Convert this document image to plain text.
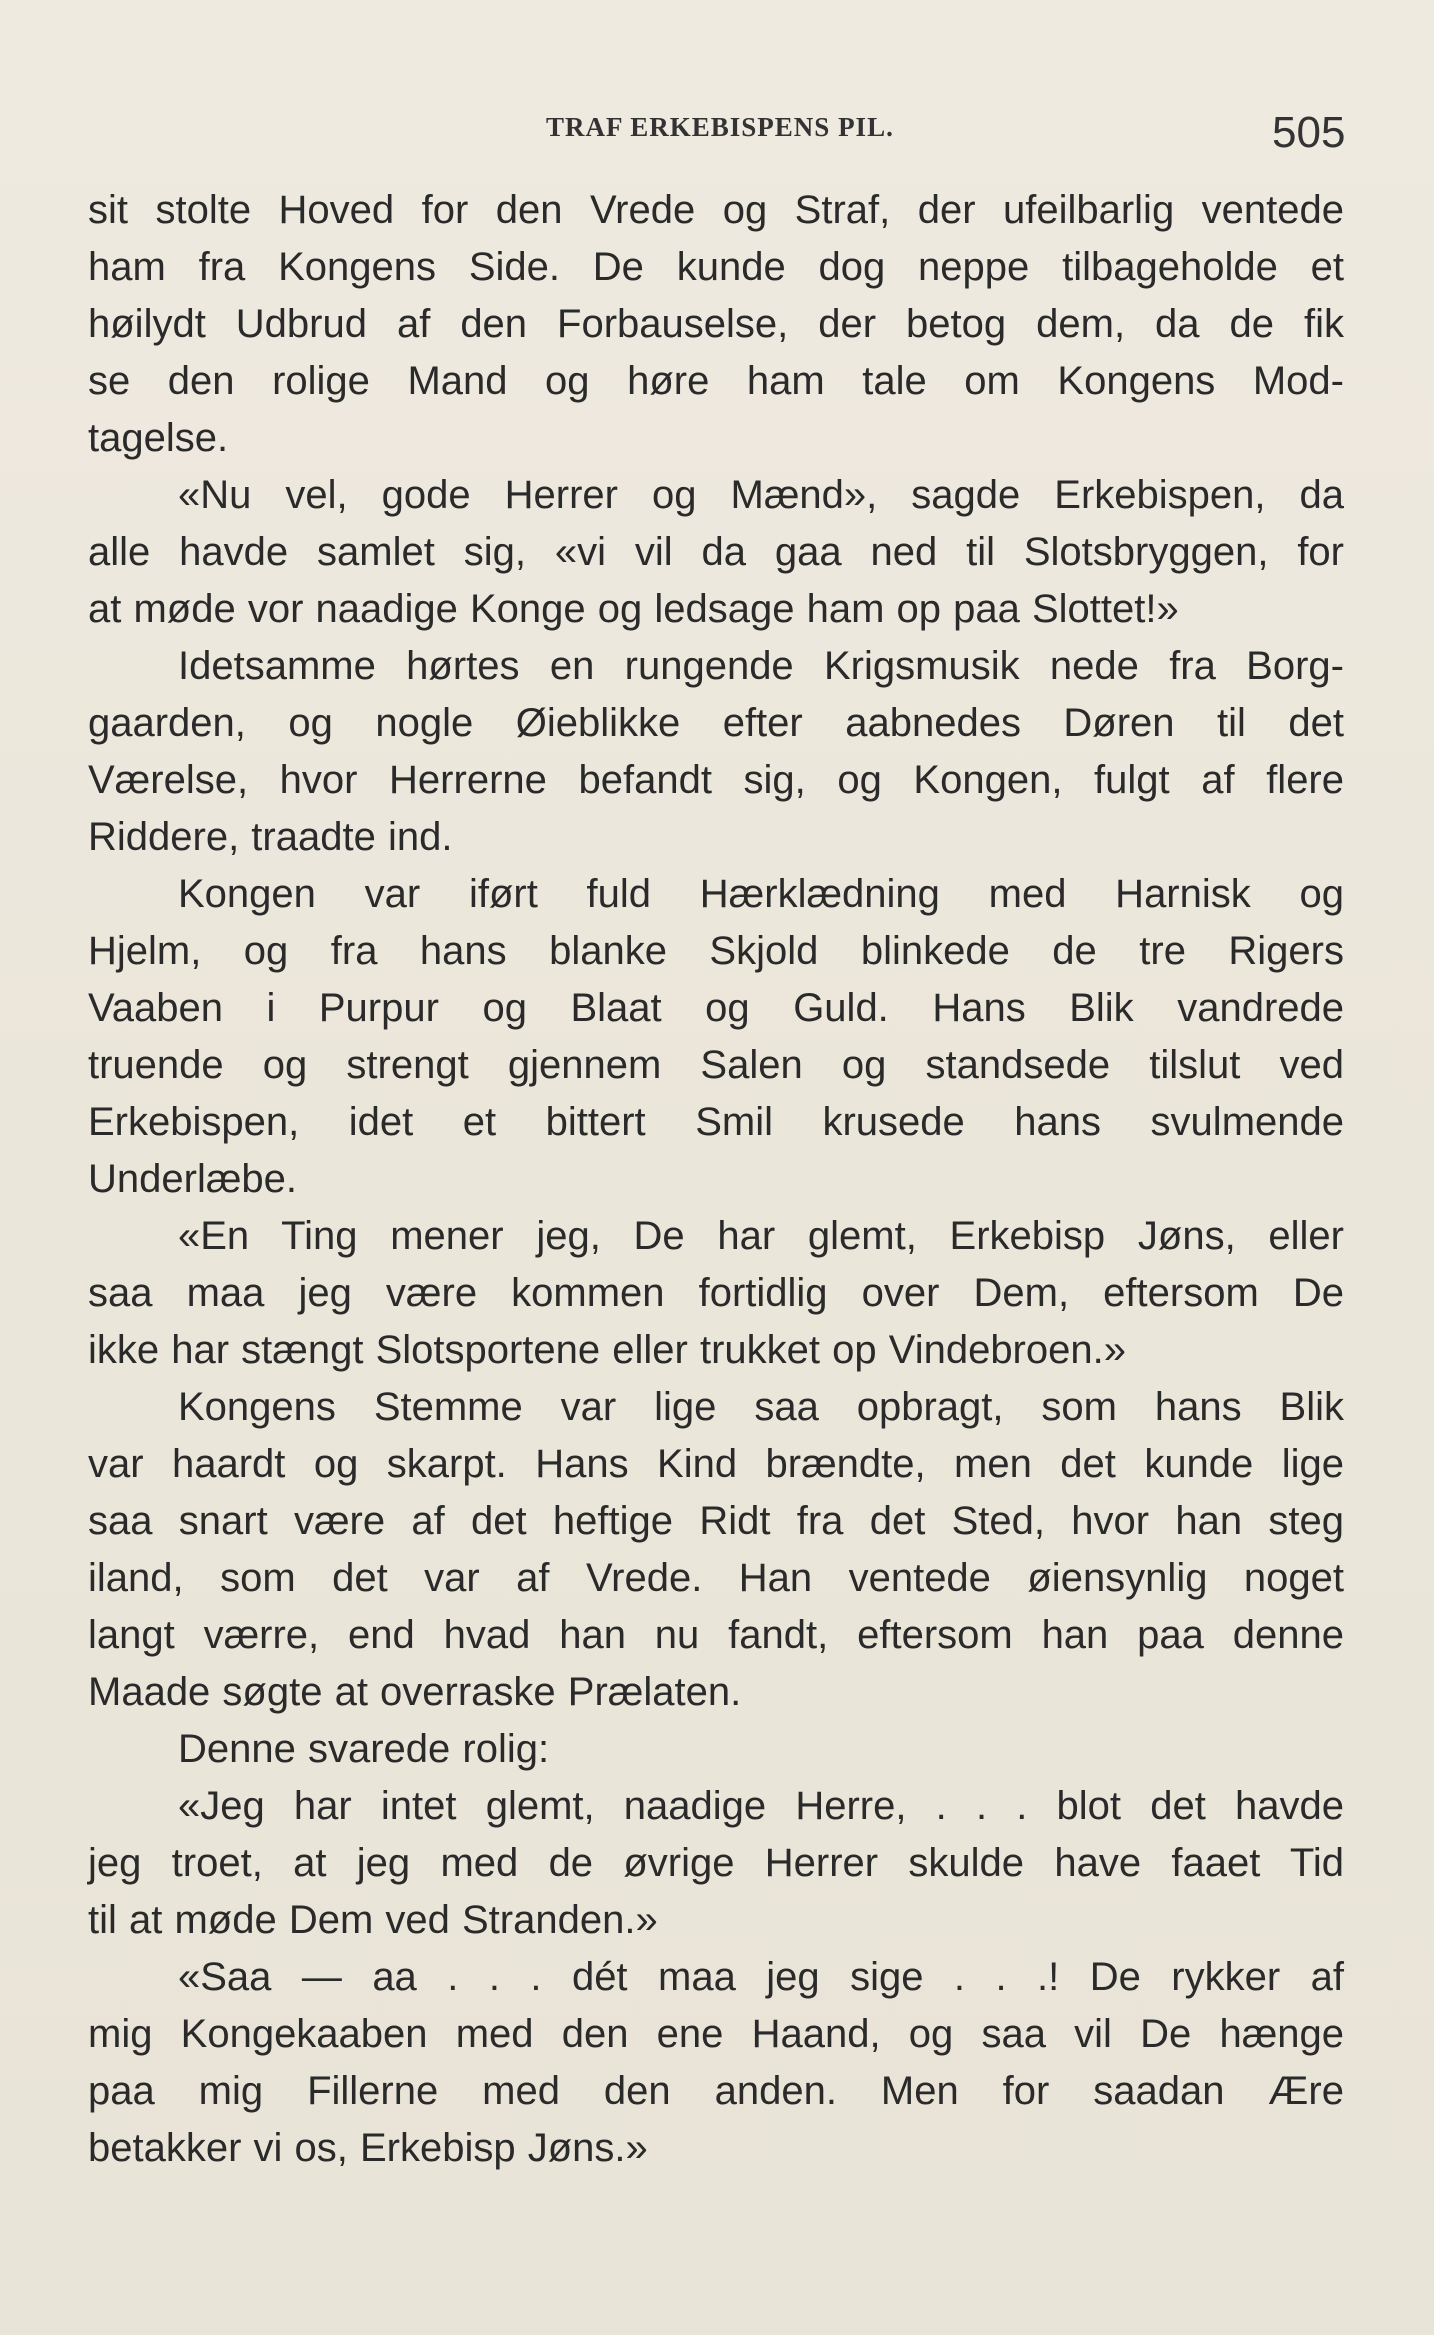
TRAF ERKEBISPENS PIL.	505
sit stolte Hoved for den Vrede og Straf, der ufeilbarlig ventede
ham fra Kongens Side. De kunde dog neppe tilbageholde et
høilydt Udbrud af den Forbauselse, der betog dem, da de fik
se den rolige Mand og høre ham tale om Kongens Mod-
tagelse.
«Nu vel, gode Herrer og Mænd», sagde Erkebispen, da
alle havde samlet sig, «vi vil da gaa ned til Slotsbryggen, for
at møde vor naadige Konge og ledsage ham op paa Slottet!»
Idetsamme hørtes en rungende Krigsmusik nede fra Borg-
gaarden, og nogle Øieblikke efter aabnedes Døren til det
Værelse, hvor Herrerne befandt sig, og Kongen, fulgt af flere
Riddere, traadte ind.
Kongen var iført fuld Hærklædning med Harnisk og
Hjelm, og fra hans blanke Skjold blinkede de tre Rigers
Vaaben i Purpur og Blaat og Guld. Hans Blik vandrede
truende og strengt gjennem Salen og standsede tilslut ved
Erkebispen, idet et bittert Smil krusede hans svulmende
Underlæbe.
«En Ting mener jeg, De har glemt, Erkebisp Jøns, eller
saa maa jeg være kommen fortidlig over Dem, eftersom De
ikke har stængt Slotsportene eller trukket op Vindebroen.»
Kongens Stemme var lige saa opbragt, som hans Blik
var haardt og skarpt. Hans Kind brændte, men det kunde lige
saa snart være af det heftige Ridt fra det Sted, hvor han steg
iland, som det var af Vrede. Han ventede øiensynlig noget
langt værre, end hvad han nu fandt, eftersom han paa denne
Maade søgte at overraske Prælaten.
Denne svarede rolig:
«Jeg har intet glemt, naadige Herre, . . . blot det havde
jeg troet, at jeg med de øvrige Herrer skulde have faaet Tid
til at møde Dem ved Stranden.»
«Saa — aa . . . dét maa jeg sige . . .! De rykker af
mig Kongekaaben med den ene Haand, og saa vil De hænge
paa mig Fillerne med den anden. Men for saadan Ære
betakker vi os, Erkebisp Jøns.»
